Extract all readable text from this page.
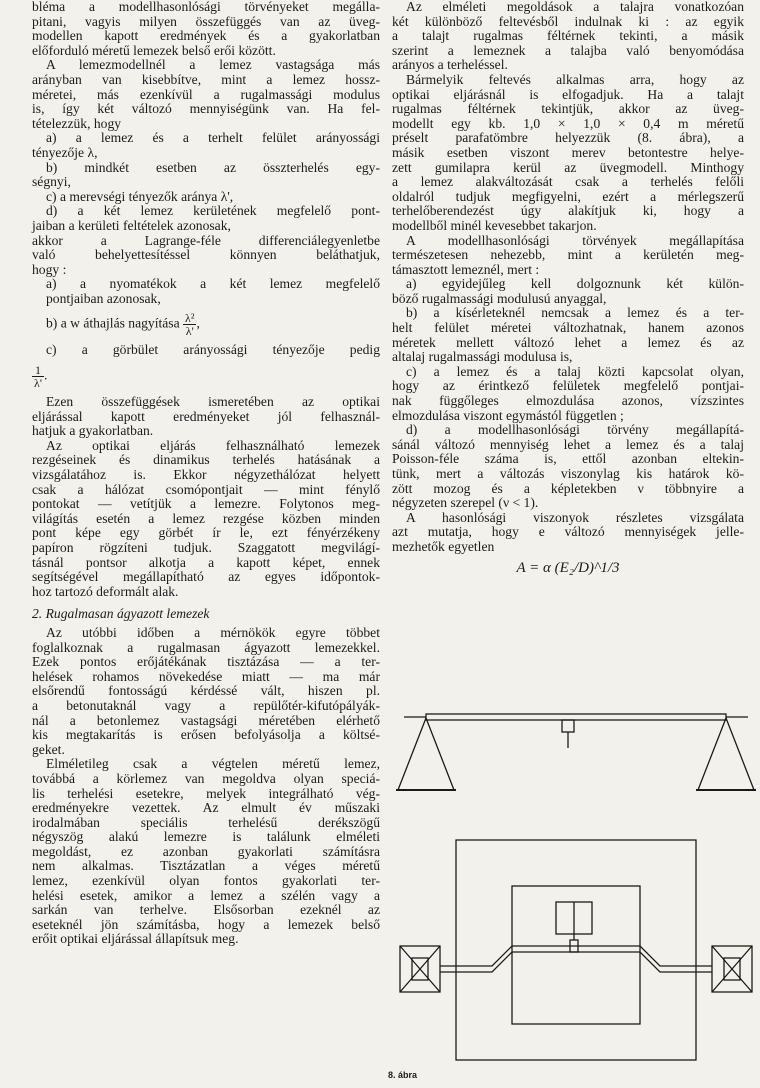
bléma a modellhasonlósági törvényeket megálla-
pitani, vagyis milyen összefüggés van az üveg-
modellen kapott eredmények és a gyakorlatban
előforduló méretű lemezek belső erői között.
A lemezmodellnél a lemez vastagsága más
arányban van kisebbítve, mint a lemez hossz-
méretei, más ezenkívül a rugalmassági modulus
is, így két változó mennyiségünk van. Ha fel-
tételezzük, hogy
a) a lemez és a terhelt felület arányossági
tényezője λ,
b) mindkét esetben az összterhelés egy-
ségnyi,
c) a merevségi tényezők aránya λ',
d) a két lemez kerületének megfelelő pont-
jaiban a kerületi feltételek azonosak,
akkor a Lagrange-féle differenciálegyenletbe
való behelyettesítéssel könnyen beláthatjuk,
hogy :
a) a nyomatékok a két lemez megfelelő
pontjaiban azonosak,
b) a w áthajlás nagyítása $\frac{\text{λ²}}{\lambda'}$ ,
c) a görbület arányossági tényezője pedig
$\frac{1}{\lambda'}$ .
Ezen összefüggések ismeretében az optikai
eljárással kapott eredményeket jól felhasznál-
hatjuk a gyakorlatban.
Az optikai eljárás felhasználható lemezek
rezgéseinek és dinamikus terhelés hatásának a
vizsgálatához is. Ekkor négyzethálózat helyett
csak a hálózat csomópontjait — mint fénylő
pontokat — vetítjük a lemezre. Folytonos meg-
világítás esetén a lemez rezgése közben minden
pont képe egy görbét ír le, ezt fényérzékeny
papíron rögzíteni tudjuk. Szaggatott megvilágí-
tásnál pontsor alkotja a kapott képet, ennek
segítségével megállapítható az egyes időpontok-
hoz tartozó deformált alak.
2. Rugalmasan ágyazott lemezek
Az utóbbi időben a mérnökök egyre többet
foglalkoznak a rugalmasan ágyazott lemezekkel.
Ezek pontos erőjátékának tisztázása — a ter-
helések rohamos növekedése miatt — ma már
elsőrendű fontosságú kérdéssé vált, hiszen pl.
a betonutaknál vagy a repülőtér-kifutópályák-
nál a betonlemez vastagsági méretében elérhető
kis megtakarítás is erősen befolyásolja a költsé-
geket.
Elméletileg csak a végtelen méretű lemez,
továbbá a körlemez van megoldva olyan speciá-
lis terhelési esetekre, melyek integrálható vég-
eredményekre vezettek. Az elmult év műszaki
irodalmában speciális terhelésű derékszögű
négyszög alakú lemezre is találunk elméleti
megoldást, ez azonban gyakorlati számításra
nem alkalmas. Tisztázatlan a véges méretű
lemez, ezenkívül olyan fontos gyakorlati ter-
helési esetek, amikor a lemez a szélén vagy a
sarkán van terhelve. Elsősorban ezeknél az
eseteknél jön számításba, hogy a lemezek belső
erőit optikai eljárással állapítsuk meg.
Az elméleti megoldások a talajra vonatkozóan
két különböző feltevésből indulnak ki : az egyik
a talajt rugalmas féltérnek tekinti, a másik
szerint a lemeznek a talajba való benyomódása
arányos a terheléssel.
Bármelyik feltevés alkalmas arra, hogy az
optikai eljárásnál is elfogadjuk. Ha a talajt
rugalmas féltérnek tekintjük, akkor az üveg-
modellt egy kb. 1,0 × 1,0 × 0,4 m méretű
préselt parafatömbre helyezzük (8. ábra), a
másik esetben viszont merev betontestre helye-
zett gumilapra kerül az üvegmodell. Minthogy
a lemez alakváltozását csak a terhelés felőli
oldalról tudjuk megfigyelni, ezért a mérlegszerű
terhelőberendezést úgy alakítjuk ki, hogy a
modellből minél kevesebbet takarjon.
A modellhasonlósági törvények megállapítása
természetesen nehezebb, mint a kerületén meg-
támasztott lemeznél, mert :
a) egyidejűleg kell dolgoznunk két külön-
böző rugalmassági modulusú anyaggal,
b) a kísérleteknél nemcsak a lemez és a ter-
helt felület méretei változhatnak, hanem azonos
méretek mellett változó lehet a lemez és az
altalaj rugalmassági modulusa is,
c) a lemez és a talaj közti kapcsolat olyan,
hogy az érintkező felületek megfelelő pontjai-
nak függőleges elmozdulása azonos, vízszintes
elmozdulása viszont egymástól független ;
d) a modellhasonlósági törvény megállapítá-
sánál változó mennyiség lehet a lemez és a talaj
Poisson-féle száma is, ettől azonban eltekin-
tünk, mert a változás viszonylag kis határok kö-
zött mozog és a képletekben ν többnyire a
négyzeten szerepel (ν < 1).
A hasonlósági viszonyok részletes vizsgálata
azt mutatja, hogy e változó mennyiségek jelle-
mezhetők egyetlen
A = α (E₂/D)^1/3
8. ábra
